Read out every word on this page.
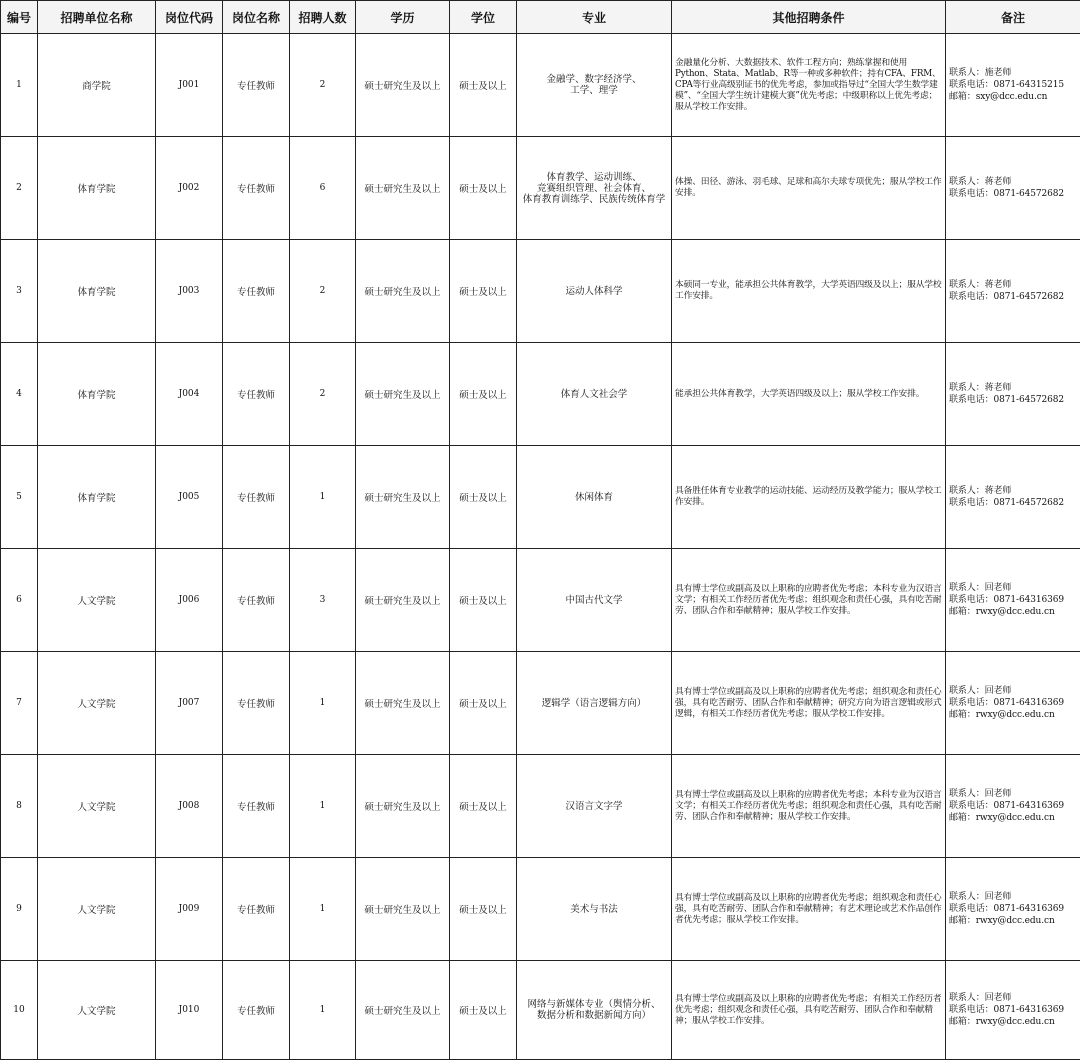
编号	招聘单位名称	岗位代码	岗位名称	招聘人数	学历	学位	专业	其他招聘条件	备注
1	商学院	J001	专任教师	2	硕士研究生及以上	硕士及以上	金融学、数字经济学、
工学、理学	金融量化分析、大数据技术、软件工程方向；熟练掌握和使用Python、Stata、Matlab、R等一种或多种软件；持有CFA、FRM、CPA等行业高级别证书的优先考虑，参加或指导过“全国大学生数学建模”、“全国大学生统计建模大赛”优先考虑；中级职称以上优先考虑；服从学校工作安排。	联系人：施老师
联系电话：0871-64315215
邮箱：sxy@dcc.edu.cn

2	体育学院	J002	专任教师	6	硕士研究生及以上	硕士及以上	体育教学、运动训练、
竞赛组织管理、社会体育、
体育教育训练学、民族传统体育学	体操、田径、游泳、羽毛球、足球和高尔夫球专项优先；服从学校工作安排。	联系人：蒋老师
联系电话：0871-64572682

3	体育学院	J003	专任教师	2	硕士研究生及以上	硕士及以上	运动人体科学	本硕同一专业，能承担公共体育教学，大学英语四级及以上；服从学校工作安排。	联系人：蒋老师
联系电话：0871-64572682

4	体育学院	J004	专任教师	2	硕士研究生及以上	硕士及以上	体育人文社会学	能承担公共体育教学，大学英语四级及以上；服从学校工作安排。	联系人：蒋老师
联系电话：0871-64572682

5	体育学院	J005	专任教师	1	硕士研究生及以上	硕士及以上	休闲体育	具备胜任体育专业教学的运动技能、运动经历及教学能力；服从学校工作安排。	联系人：蒋老师
联系电话：0871-64572682

6	人文学院	J006	专任教师	3	硕士研究生及以上	硕士及以上	中国古代文学	具有博士学位或副高及以上职称的应聘者优先考虑；本科专业为汉语言文学；有相关工作经历者优先考虑；组织观念和责任心强，具有吃苦耐劳、团队合作和奉献精神；服从学校工作安排。	联系人：回老师
联系电话：0871-64316369
邮箱：rwxy@dcc.edu.cn

7	人文学院	J007	专任教师	1	硕士研究生及以上	硕士及以上	逻辑学（语言逻辑方向）	具有博士学位或副高及以上职称的应聘者优先考虑；组织观念和责任心强，具有吃苦耐劳、团队合作和奉献精神；研究方向为语言逻辑或形式逻辑，有相关工作经历者优先考虑；服从学校工作安排。	联系人：回老师
联系电话：0871-64316369
邮箱：rwxy@dcc.edu.cn

8	人文学院	J008	专任教师	1	硕士研究生及以上	硕士及以上	汉语言文字学	具有博士学位或副高及以上职称的应聘者优先考虑；本科专业为汉语言文学；有相关工作经历者优先考虑；组织观念和责任心强，具有吃苦耐劳、团队合作和奉献精神；服从学校工作安排。	联系人：回老师
联系电话：0871-64316369
邮箱：rwxy@dcc.edu.cn

9	人文学院	J009	专任教师	1	硕士研究生及以上	硕士及以上	美术与书法	具有博士学位或副高及以上职称的应聘者优先考虑；组织观念和责任心强，具有吃苦耐劳、团队合作和奉献精神；有艺术理论或艺术作品创作者优先考虑；服从学校工作安排。	联系人：回老师
联系电话：0871-64316369
邮箱：rwxy@dcc.edu.cn

10	人文学院	J010	专任教师	1	硕士研究生及以上	硕士及以上	网络与新媒体专业（舆情分析、
数据分析和数据新闻方向）	具有博士学位或副高及以上职称的应聘者优先考虑；有相关工作经历者优先考虑；组织观念和责任心强，具有吃苦耐劳、团队合作和奉献精神；服从学校工作安排。	联系人：回老师
联系电话：0871-64316369
邮箱：rwxy@dcc.edu.cn
